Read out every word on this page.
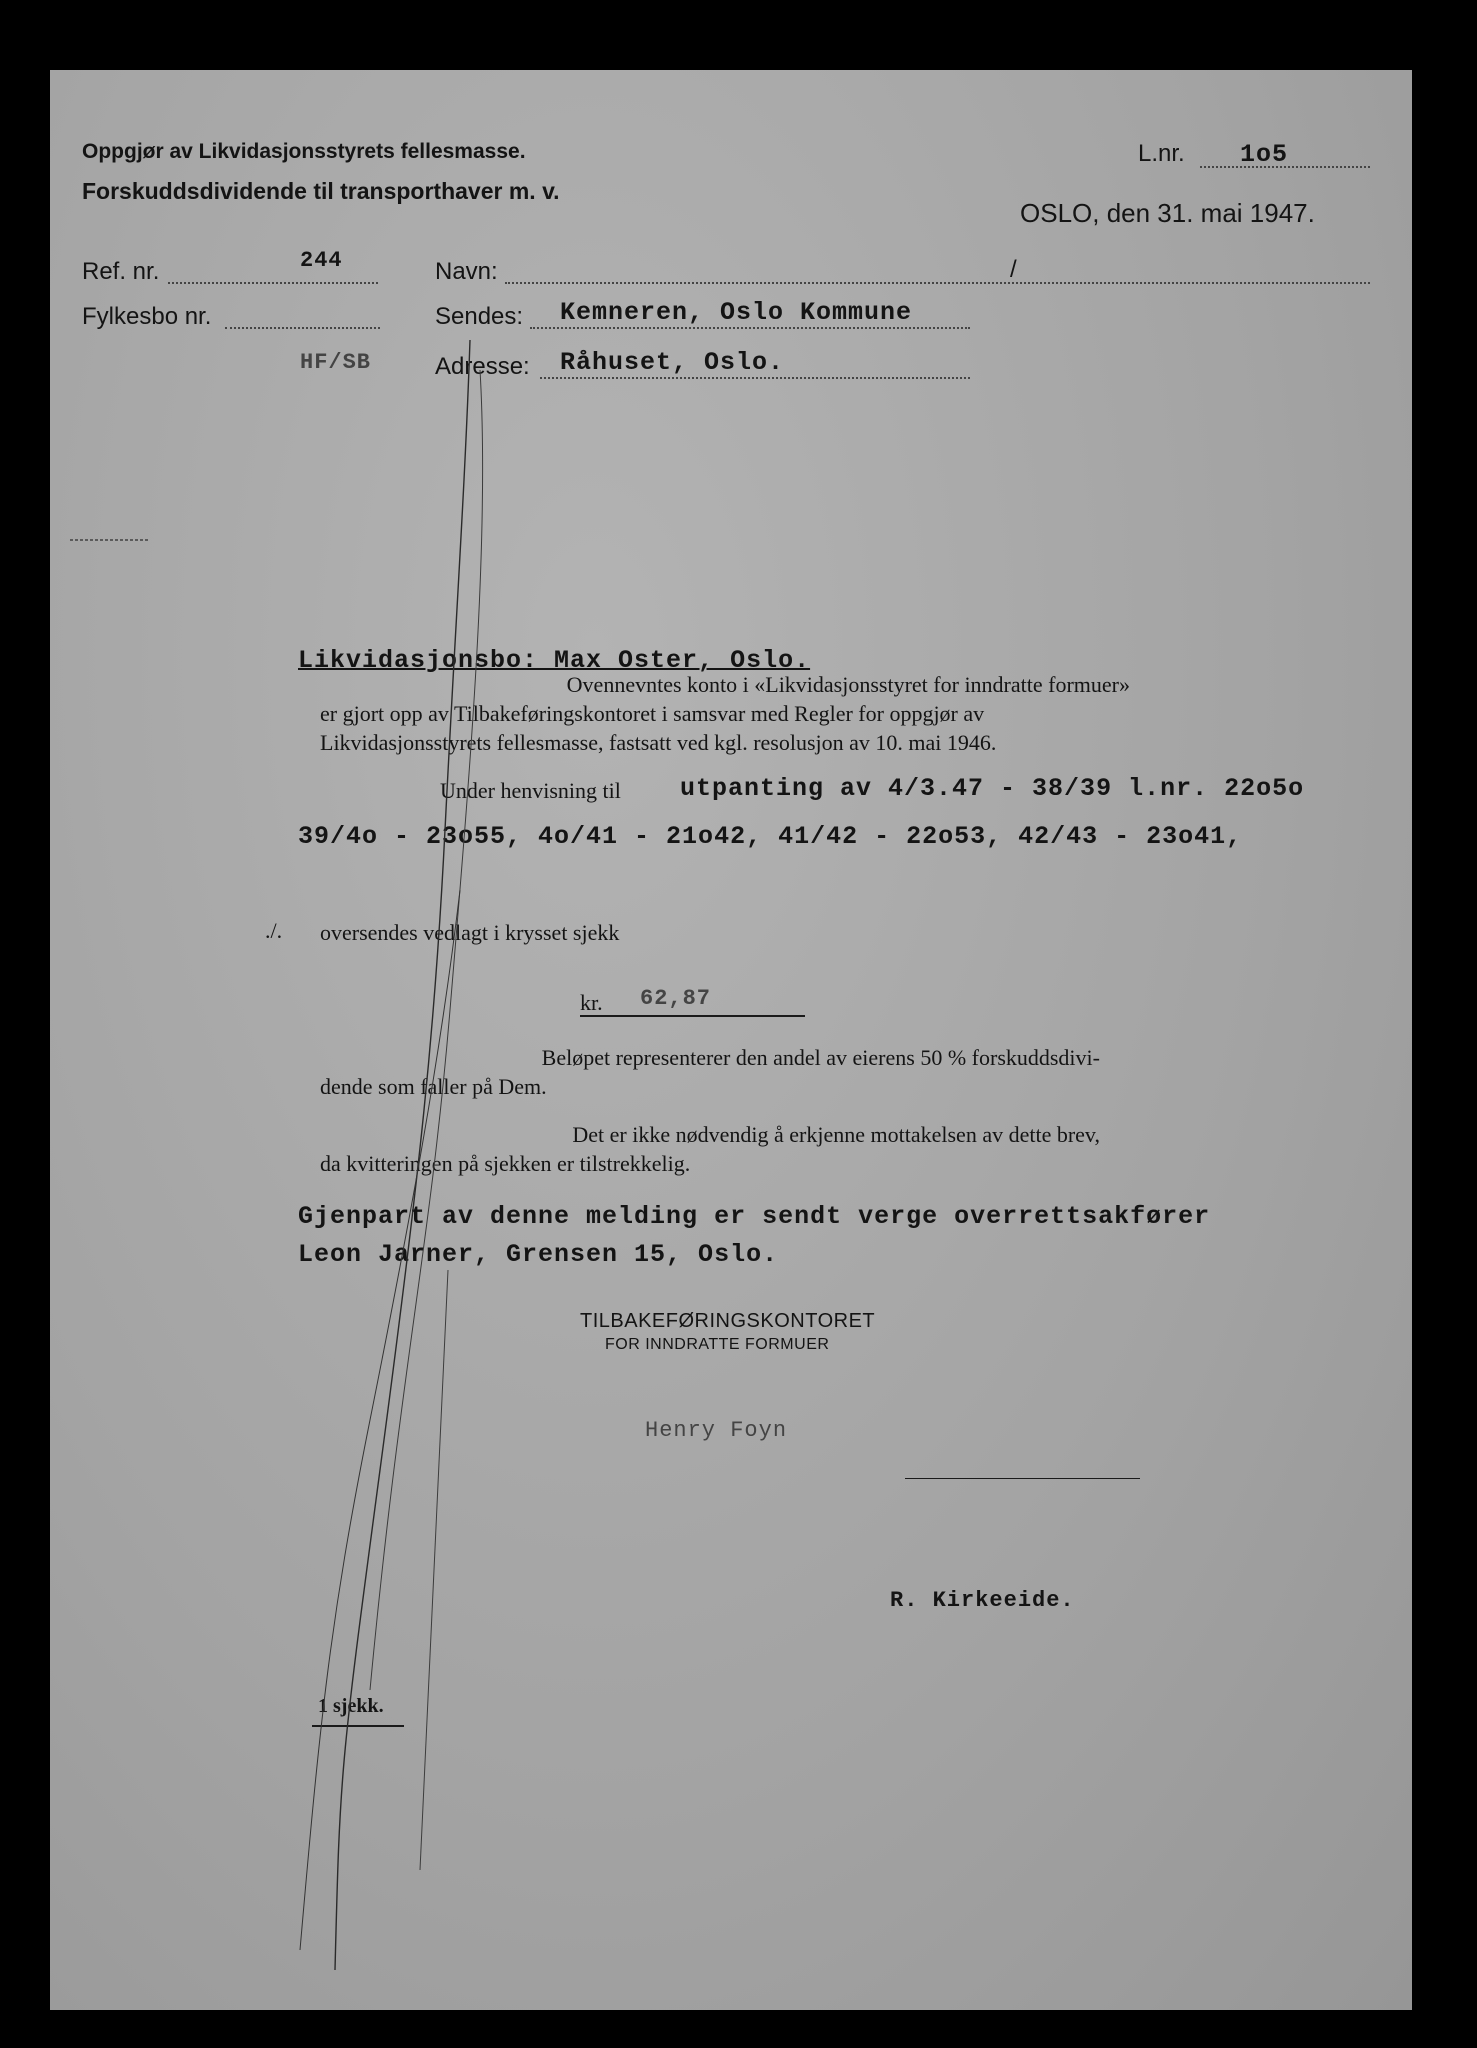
Oppgjør av Likvidasjonsstyrets fellesmasse.
Forskuddsdividende til transporthaver m. v.
L.nr. 1o5
OSLO, den 31. mai 1947.
Ref. nr.	244
Fylkesbo nr.
HF/SB
Navn:	/
Sendes: Kemneren, Oslo Kommune
Adresse: Råhuset, Oslo.
Likvidasjonsbo: Max Oster, Oslo.
Ovennevntes konto i «Likvidasjonsstyret for inndratte formuer»
er gjort opp av Tilbakeføringskontoret i samsvar med Regler for oppgjør av
Likvidasjonsstyrets fellesmasse, fastsatt ved kgl. resolusjon av 10. mai 1946.
Under henvisning til utpanting av 4/3.47 - 38/39 l.nr. 22o5o
39/4o - 23o55, 4o/41 - 21o42, 41/42 - 22o53, 42/43 - 23o41,
./. oversendes vedlagt i krysset sjekk
kr. 62,87
Beløpet representerer den andel av eierens 50 % forskuddsdivi-
dende som faller på Dem.
Det er ikke nødvendig å erkjenne mottakelsen av dette brev,
da kvitteringen på sjekken er tilstrekkelig.
Gjenpart av denne melding er sendt verge overrettsakfører
Leon Jarner, Grensen 15, Oslo.
TILBAKEFØRINGSKONTORET
FOR INNDRATTE FORMUER
Henry Foyn
R. Kirkeeide.
1 sjekk.
